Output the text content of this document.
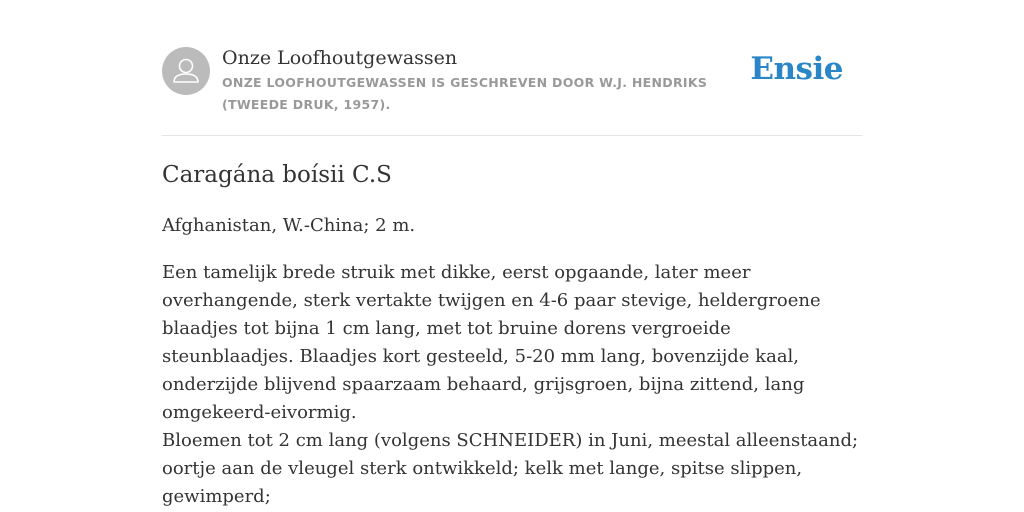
Onze Loofhoutgewassen
ONZE LOOFHOUTGEWASSEN IS GESCHREVEN DOOR W.J. HENDRIKS (TWEEDE DRUK, 1957).
Ensie
Caragána boísii C.S

Afghanistan, W.-China; 2 m.

Een tamelijk brede struik met dikke, eerst opgaande, later meer overhangende, sterk vertakte twijgen en 4-6 paar stevige, heldergroene blaadjes tot bijna 1 cm lang, met tot bruine dorens vergroeide steunblaadjes. Blaadjes kort gesteeld, 5-20 mm lang, bovenzijde kaal, onderzijde blijvend spaarzaam behaard, grijsgroen, bijna zittend, lang omgekeerd-eivormig.

Bloemen tot 2 cm lang (volgens SCHNEIDER) in Juni, meestal alleenstaand; oortje aan de vleugel sterk ontwikkeld; kelk met lange, spitse slippen, gewimperd;
